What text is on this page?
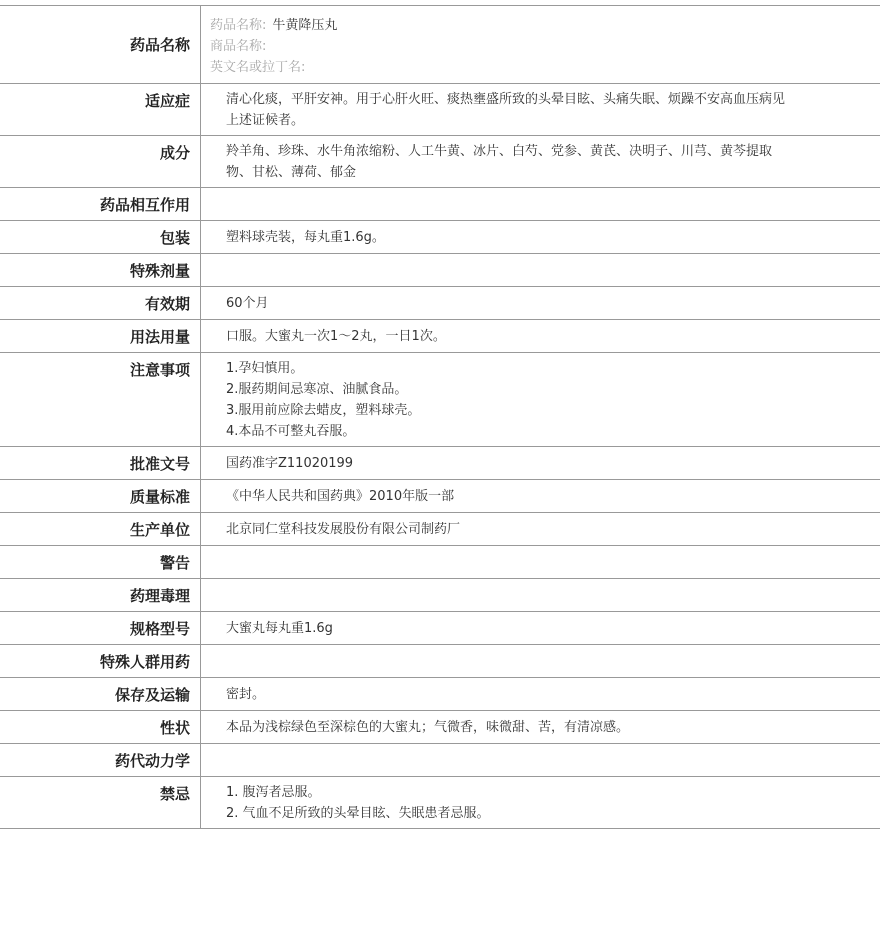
药品名称	药品名称: 牛黄降压丸
商品名称:
英文名或拉丁名:

适应症	清心化痰，平肝安神。用于心肝火旺、痰热壅盛所致的头晕目眩、头痛失眠、烦躁不安高血压病见上述证候者。

成分	羚羊角、珍珠、水牛角浓缩粉、人工牛黄、冰片、白芍、党参、黄芪、决明子、川芎、黄芩提取物、甘松、薄荷、郁金

药品相互作用	
包装	塑料球壳装，每丸重1.6g。
特殊剂量	
有效期	60个月
用法用量	口服。大蜜丸一次1～2丸，一日1次。
注意事项	1.孕妇慎用。
2.服药期间忌寒凉、油腻食品。
3.服用前应除去蜡皮，塑料球壳。
4.本品不可整丸吞服。

批准文号	国药准字Z11020199
质量标准	《中华人民共和国药典》2010年版一部
生产单位	北京同仁堂科技发展股份有限公司制药厂
警告	
药理毒理	
规格型号	大蜜丸每丸重1.6g
特殊人群用药	
保存及运输	密封。
性状	本品为浅棕绿色至深棕色的大蜜丸；气微香，味微甜、苦，有清凉感。
药代动力学	
禁忌	1. 腹泻者忌服。
2. 气血不足所致的头晕目眩、失眠患者忌服。
